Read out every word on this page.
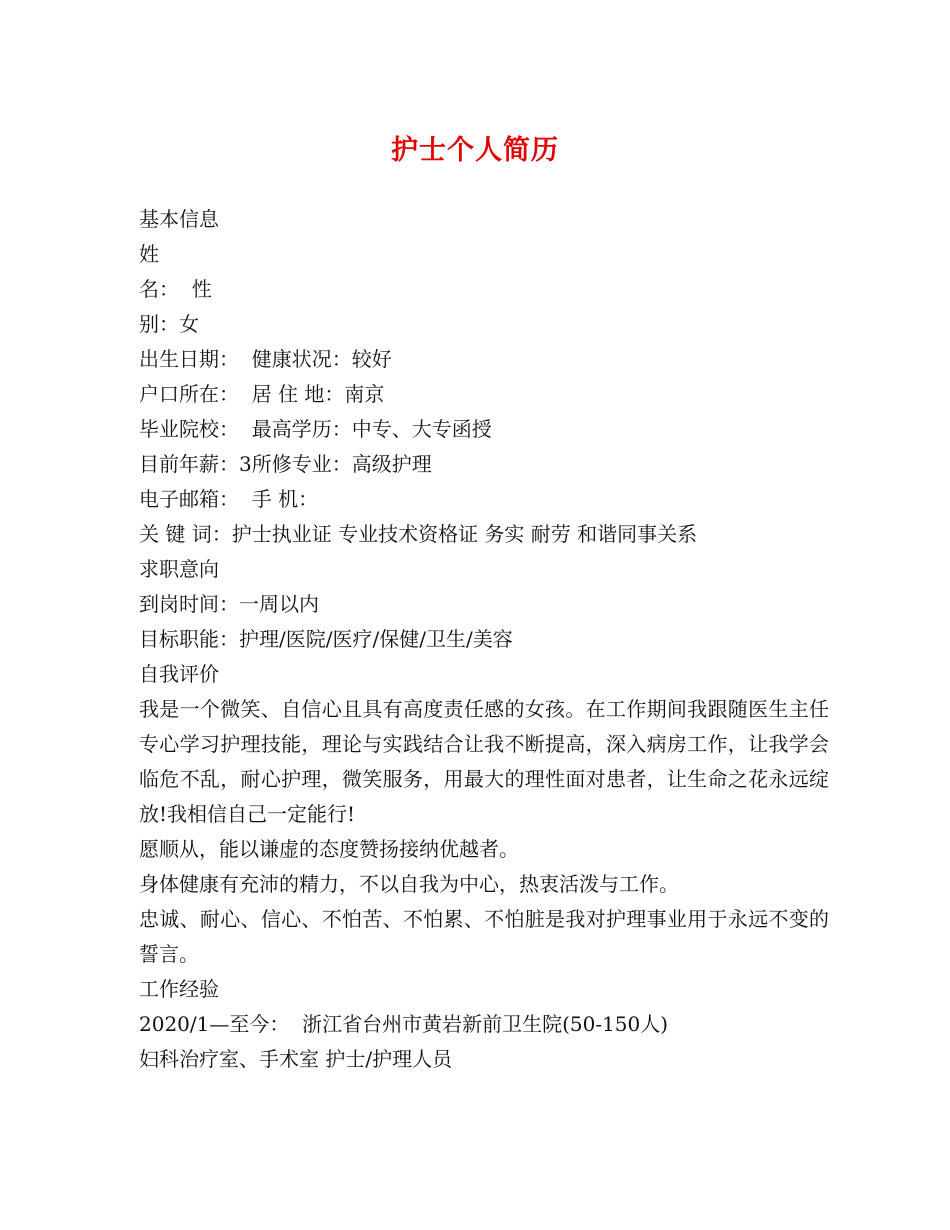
护士个人简历
基本信息
姓
名：  性
别：女
出生日期：  健康状况：较好
户口所在：  居 住 地：南京
毕业院校：  最高学历：中专、大专函授
目前年薪：3所修专业：高级护理
电子邮箱：  手 机：
关 键 词：护士执业证 专业技术资格证 务实 耐劳 和谐同事关系
求职意向
到岗时间：一周以内
目标职能：护理/医院/医疗/保健/卫生/美容
自我评价
我是一个微笑、自信心且具有高度责任感的女孩。在工作期间我跟随医生主任专心学习护理技能，理论与实践结合让我不断提高，深入病房工作，让我学会临危不乱，耐心护理，微笑服务，用最大的理性面对患者，让生命之花永远绽放!我相信自己一定能行!
愿顺从，能以谦虚的态度赞扬接纳优越者。
身体健康有充沛的精力，不以自我为中心，热衷活泼与工作。
忠诚、耐心、信心、不怕苦、不怕累、不怕脏是我对护理事业用于永远不变的誓言。
工作经验
2020/1—至今：  浙江省台州市黄岩新前卫生院(50-150人)
妇科治疗室、手术室 护士/护理人员
